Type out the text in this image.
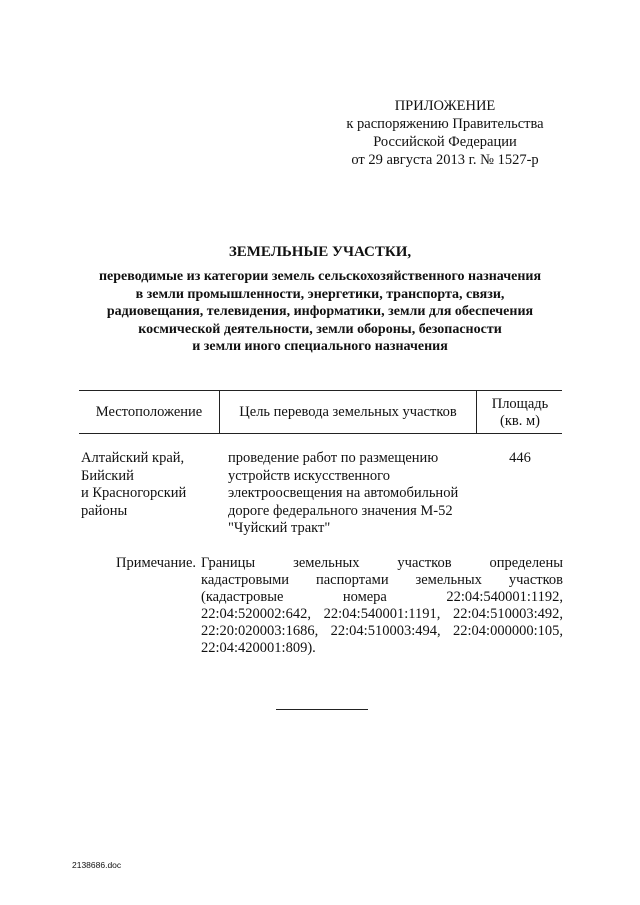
ПРИЛОЖЕНИЕ
к распоряжению Правительства
Российской Федерации
от 29 августа 2013 г. № 1527-р
ЗЕМЕЛЬНЫЕ УЧАСТКИ,
переводимые из категории земель сельскохозяйственного назначения
в земли промышленности, энергетики, транспорта, связи,
радиовещания, телевидения, информатики, земли для обеспечения
космической деятельности, земли обороны, безопасности
и земли иного специального назначения
Местоположение	Цель перевода земельных участков	Площадь
(кв. м)
Алтайский край,
Бийский
и Красногорский
районы
проведение работ по размещению
устройств искусственного
электроосвещения на автомобильной
дороге федерального значения М-52
"Чуйский тракт"
446
Примечание. Границы земельных участков определены
кадастровыми паспортами земельных участков
(кадастровые номера 22:04:540001:1192,
22:04:520002:642, 22:04:540001:1191, 22:04:510003:492,
22:20:020003:1686, 22:04:510003:494, 22:04:000000:105,
22:04:420001:809).
2138686.doc
